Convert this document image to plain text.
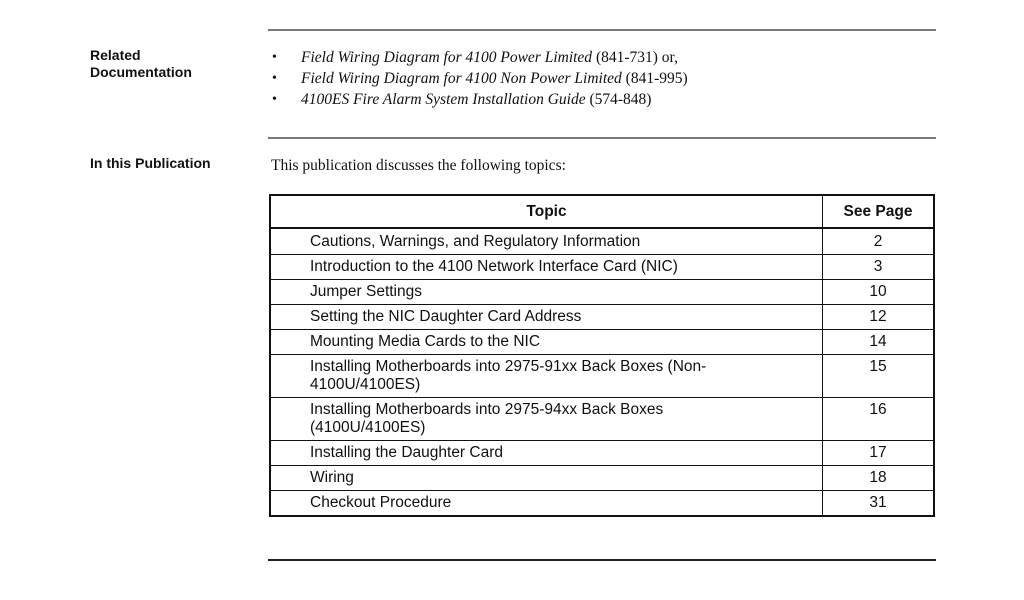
Related
Documentation
• Field Wiring Diagram for 4100 Power Limited (841-731) or,
• Field Wiring Diagram for 4100 Non Power Limited (841-995)
• 4100ES Fire Alarm System Installation Guide (574-848)
In this Publication	This publication discusses the following topics:
Topic	See Page
Cautions, Warnings, and Regulatory Information	2
Introduction to the 4100 Network Interface Card (NIC)	3
Jumper Settings	10
Setting the NIC Daughter Card Address	12
Mounting Media Cards to the NIC	14
Installing Motherboards into 2975-91xx Back Boxes (Non-
4100U/4100ES)	15
Installing Motherboards into 2975-94xx Back Boxes
(4100U/4100ES)	16
Installing the Daughter Card	17
Wiring	18
Checkout Procedure	31
